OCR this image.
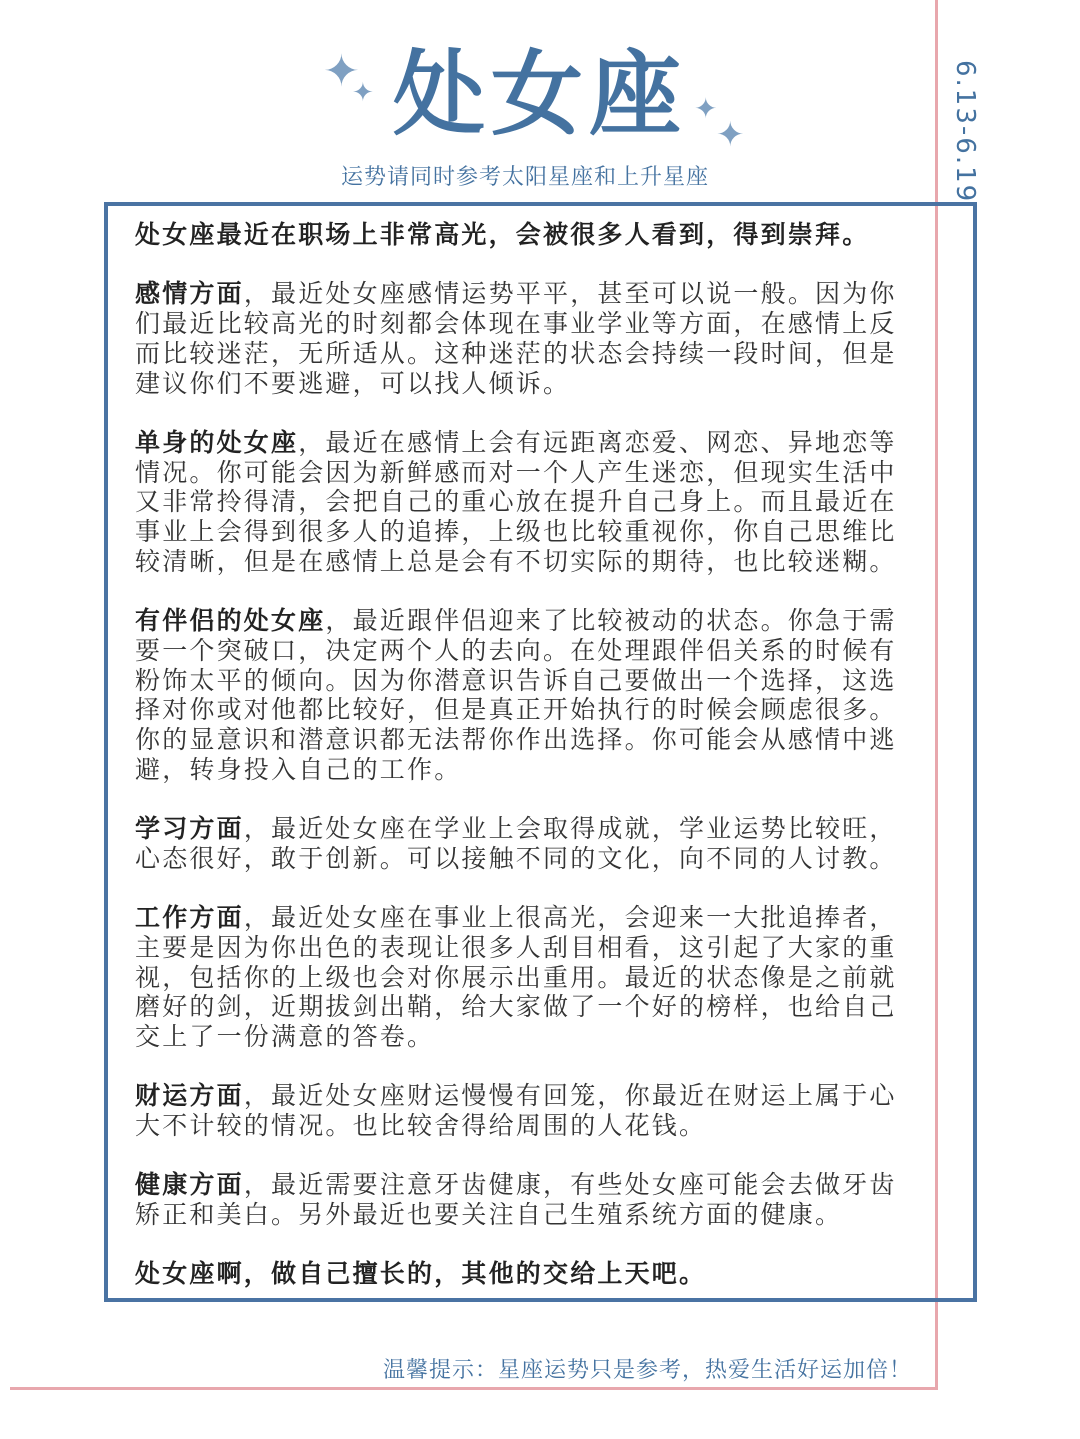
✦
✦	✦
✦
处女座
运势请同时参考太阳星座和上升星座	6.13-6.19

处女座最近在职场上非常高光，会被很多人看到，得到崇拜。

感情方面，最近处女座感情运势平平，甚至可以说一般。因为你们最近比较高光的时刻都会体现在事业学业等方面，在感情上反而比较迷茫，无所适从。这种迷茫的状态会持续一段时间，但是建议你们不要逃避，可以找人倾诉。

单身的处女座，最近在感情上会有远距离恋爱、网恋、异地恋等情况。你可能会因为新鲜感而对一个人产生迷恋，但现实生活中又非常拎得清，会把自己的重心放在提升自己身上。而且最近在事业上会得到很多人的追捧，上级也比较重视你，你自己思维比较清晰，但是在感情上总是会有不切实际的期待，也比较迷糊。

有伴侣的处女座，最近跟伴侣迎来了比较被动的状态。你急于需要一个突破口，决定两个人的去向。在处理跟伴侣关系的时候有粉饰太平的倾向。因为你潜意识告诉自己要做出一个选择，这选择对你或对他都比较好，但是真正开始执行的时候会顾虑很多。你的显意识和潜意识都无法帮你作出选择。你可能会从感情中逃避，转身投入自己的工作。

学习方面，最近处女座在学业上会取得成就，学业运势比较旺，心态很好，敢于创新。可以接触不同的文化，向不同的人讨教。

工作方面，最近处女座在事业上很高光，会迎来一大批追捧者，主要是因为你出色的表现让很多人刮目相看，这引起了大家的重视，包括你的上级也会对你展示出重用。最近的状态像是之前就磨好的剑，近期拔剑出鞘，给大家做了一个好的榜样，也给自己交上了一份满意的答卷。

财运方面，最近处女座财运慢慢有回笼，你最近在财运上属于心大不计较的情况。也比较舍得给周围的人花钱。

健康方面，最近需要注意牙齿健康，有些处女座可能会去做牙齿矫正和美白。另外最近也要关注自己生殖系统方面的健康。

处女座啊，做自己擅长的，其他的交给上天吧。

温馨提示：星座运势只是参考，热爱生活好运加倍！
